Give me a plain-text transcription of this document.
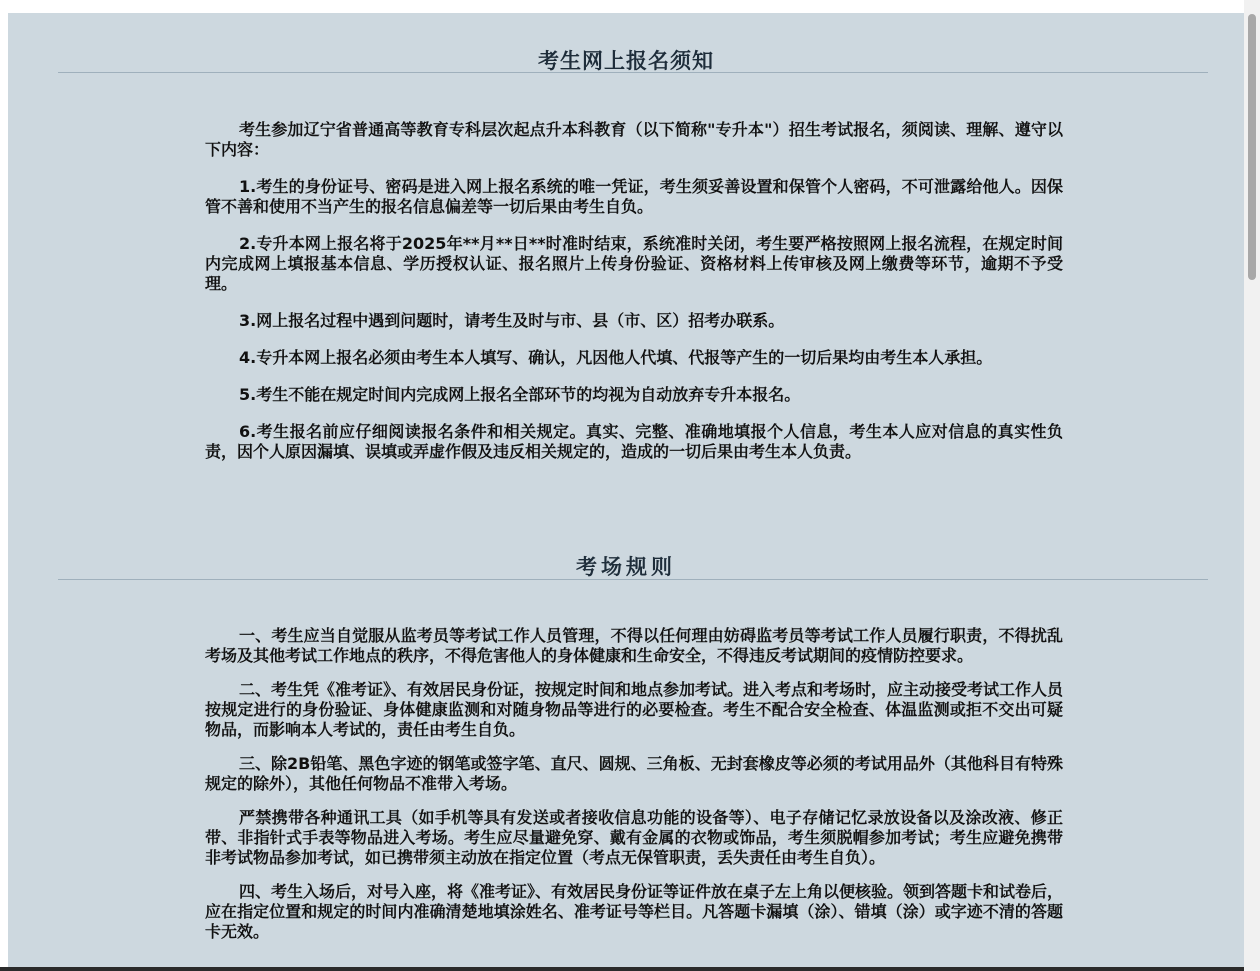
考生网上报名须知

考生参加辽宁省普通高等教育专科层次起点升本科教育（以下简称"专升本"）招生考试报名，须阅读、理解、遵守以下内容：

1.考生的身份证号、密码是进入网上报名系统的唯一凭证，考生须妥善设置和保管个人密码，不可泄露给他人。因保管不善和使用不当产生的报名信息偏差等一切后果由考生自负。

2.专升本网上报名将于2025年**月**日**时准时结束，系统准时关闭，考生要严格按照网上报名流程，在规定时间内完成网上填报基本信息、学历授权认证、报名照片上传身份验证、资格材料上传审核及网上缴费等环节，逾期不予受理。

3.网上报名过程中遇到问题时，请考生及时与市、县（市、区）招考办联系。

4.专升本网上报名必须由考生本人填写、确认，凡因他人代填、代报等产生的一切后果均由考生本人承担。

5.考生不能在规定时间内完成网上报名全部环节的均视为自动放弃专升本报名。

6.考生报名前应仔细阅读报名条件和相关规定。真实、完整、准确地填报个人信息，考生本人应对信息的真实性负责，因个人原因漏填、误填或弄虚作假及违反相关规定的，造成的一切后果由考生本人负责。

考场规则

一、考生应当自觉服从监考员等考试工作人员管理，不得以任何理由妨碍监考员等考试工作人员履行职责，不得扰乱考场及其他考试工作地点的秩序，不得危害他人的身体健康和生命安全，不得违反考试期间的疫情防控要求。

二、考生凭《准考证》、有效居民身份证，按规定时间和地点参加考试。进入考点和考场时，应主动接受考试工作人员按规定进行的身份验证、身体健康监测和对随身物品等进行的必要检查。考生不配合安全检查、体温监测或拒不交出可疑物品，而影响本人考试的，责任由考生自负。

三、除2B铅笔、黑色字迹的钢笔或签字笔、直尺、圆规、三角板、无封套橡皮等必须的考试用品外（其他科目有特殊规定的除外），其他任何物品不准带入考场。

严禁携带各种通讯工具（如手机等具有发送或者接收信息功能的设备等）、电子存储记忆录放设备以及涂改液、修正带、非指针式手表等物品进入考场。考生应尽量避免穿、戴有金属的衣物或饰品，考生须脱帽参加考试；考生应避免携带非考试物品参加考试，如已携带须主动放在指定位置（考点无保管职责，丢失责任由考生自负）。

四、考生入场后，对号入座，将《准考证》、有效居民身份证等证件放在桌子左上角以便核验。领到答题卡和试卷后，应在指定位置和规定的时间内准确清楚地填涂姓名、准考证号等栏目。凡答题卡漏填（涂）、错填（涂）或字迹不清的答题卡无效。
